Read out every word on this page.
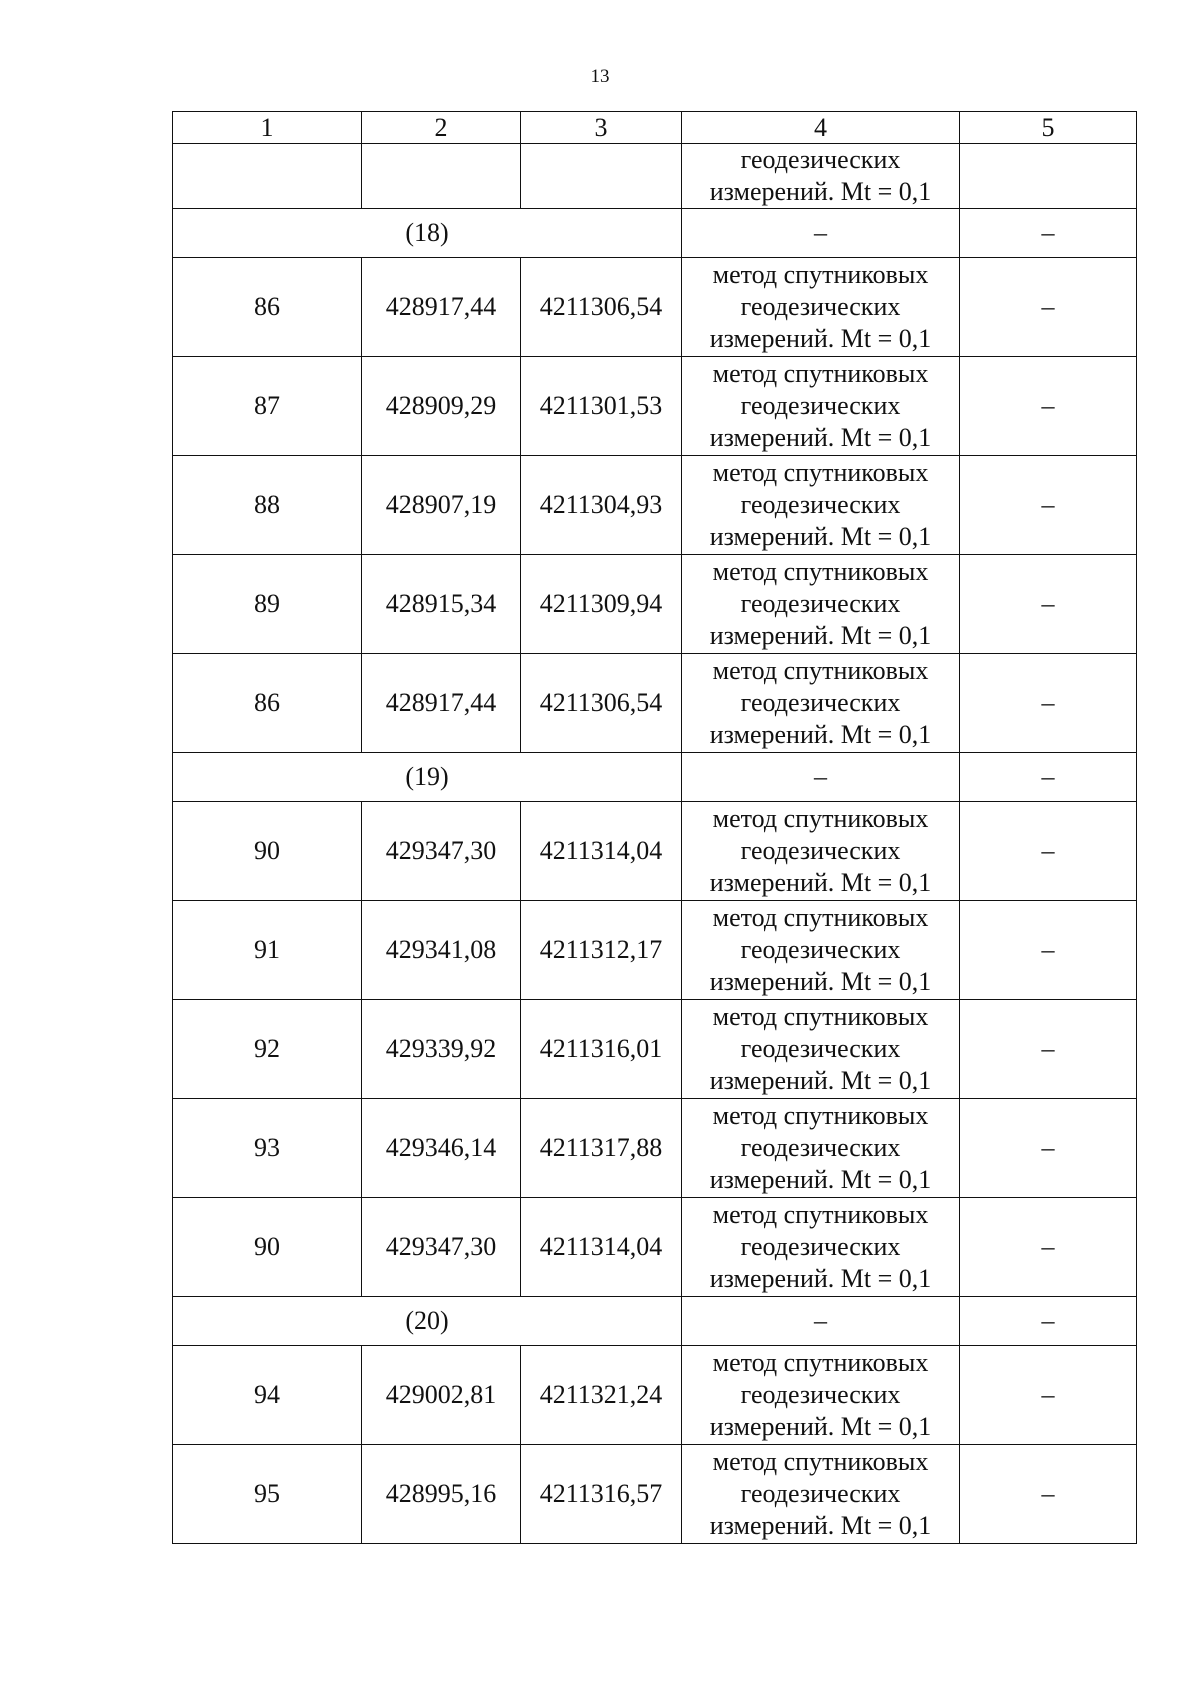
13
1	2	3	4	5

			геодезических
измерений. Mt = 0,1	

(18)			–	–
86	428917,44	4211306,54	метод спутниковых
геодезических
измерений. Mt = 0,1	–
87	428909,29	4211301,53	метод спутниковых
геодезических
измерений. Mt = 0,1	–
88	428907,19	4211304,93	метод спутниковых
геодезических
измерений. Mt = 0,1	–
89	428915,34	4211309,94	метод спутниковых
геодезических
измерений. Mt = 0,1	–
86	428917,44	4211306,54	метод спутниковых
геодезических
измерений. Mt = 0,1	–
(19)			–	–
90	429347,30	4211314,04	метод спутниковых
геодезических
измерений. Mt = 0,1	–
91	429341,08	4211312,17	метод спутниковых
геодезических
измерений. Mt = 0,1	–
92	429339,92	4211316,01	метод спутниковых
геодезических
измерений. Mt = 0,1	–
93	429346,14	4211317,88	метод спутниковых
геодезических
измерений. Mt = 0,1	–
90	429347,30	4211314,04	метод спутниковых
геодезических
измерений. Mt = 0,1	–
(20)			–	–
94	429002,81	4211321,24	метод спутниковых
геодезических
измерений. Mt = 0,1	–
95	428995,16	4211316,57	метод спутниковых
геодезических
измерений. Mt = 0,1	–
